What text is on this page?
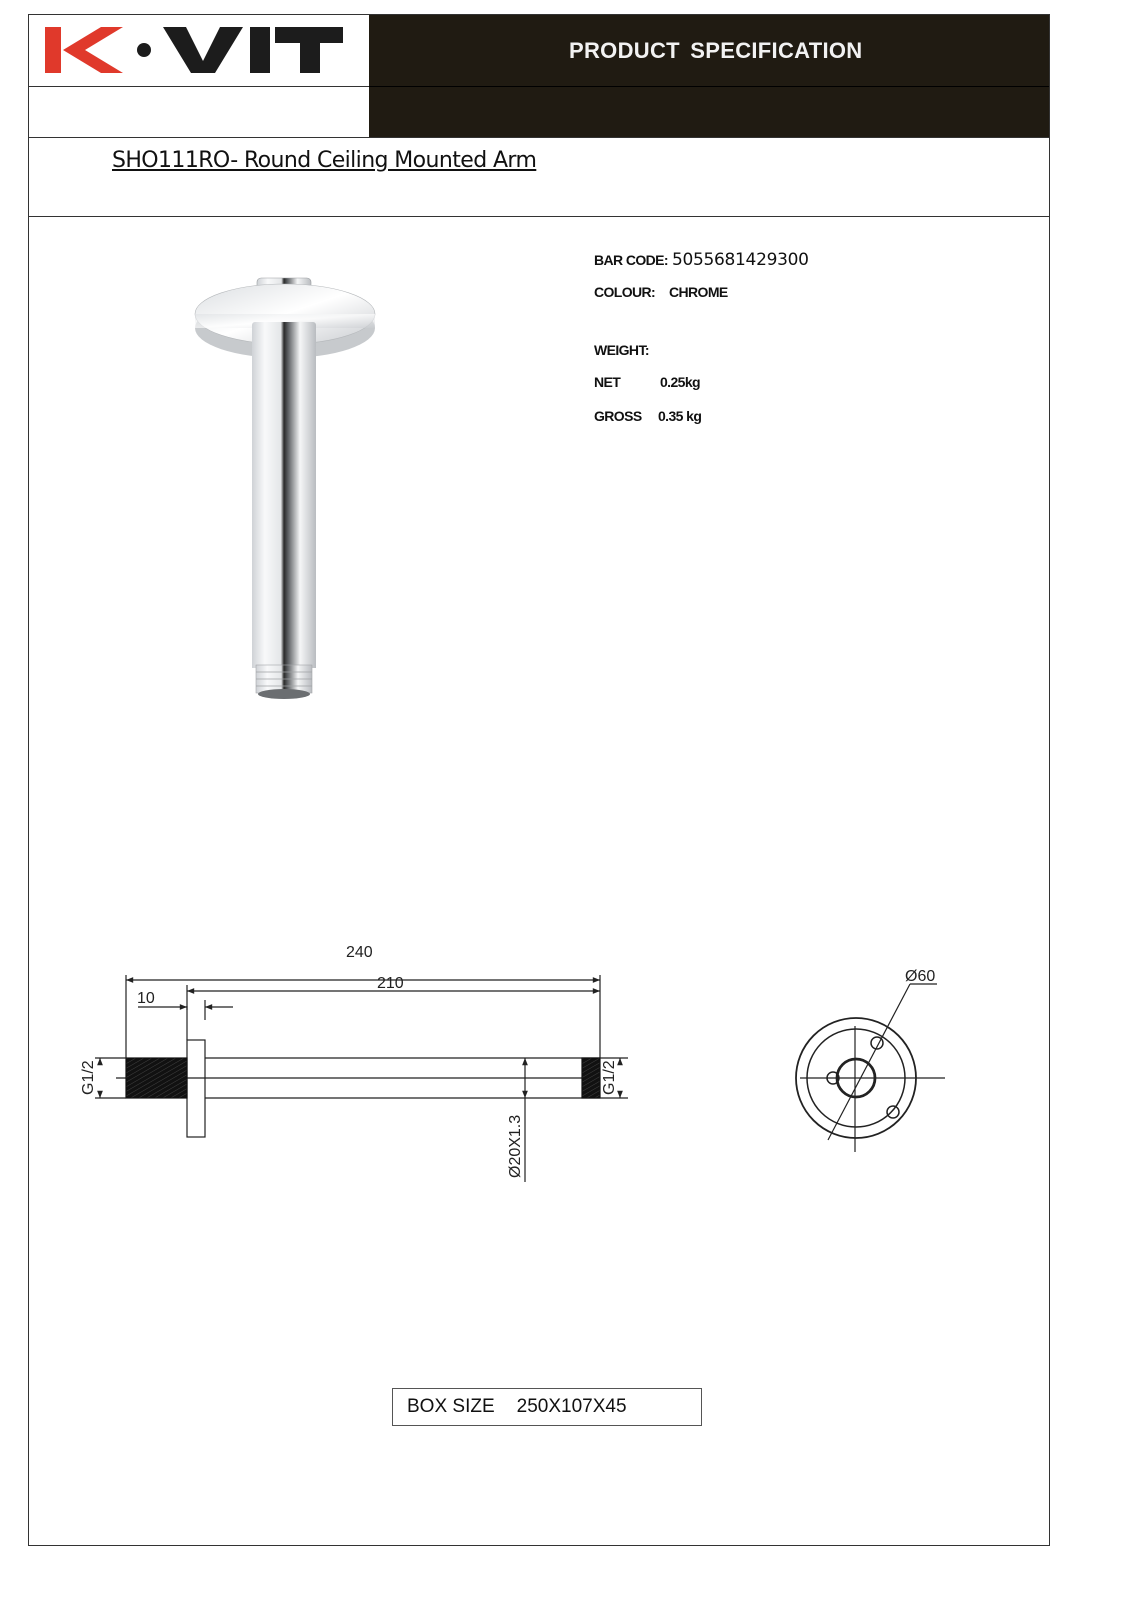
PRODUCT SPECIFICATION
SHO111RO- Round Ceiling Mounted Arm
BAR CODE: 5055681429300
COLOUR: CHROME
WEIGHT:
NET	0.25kg
GROSS 0.35 kg
240
210
10
G1/2	G1/2
Ø20X1.3
Ø60
BOX SIZE 250X107X45
